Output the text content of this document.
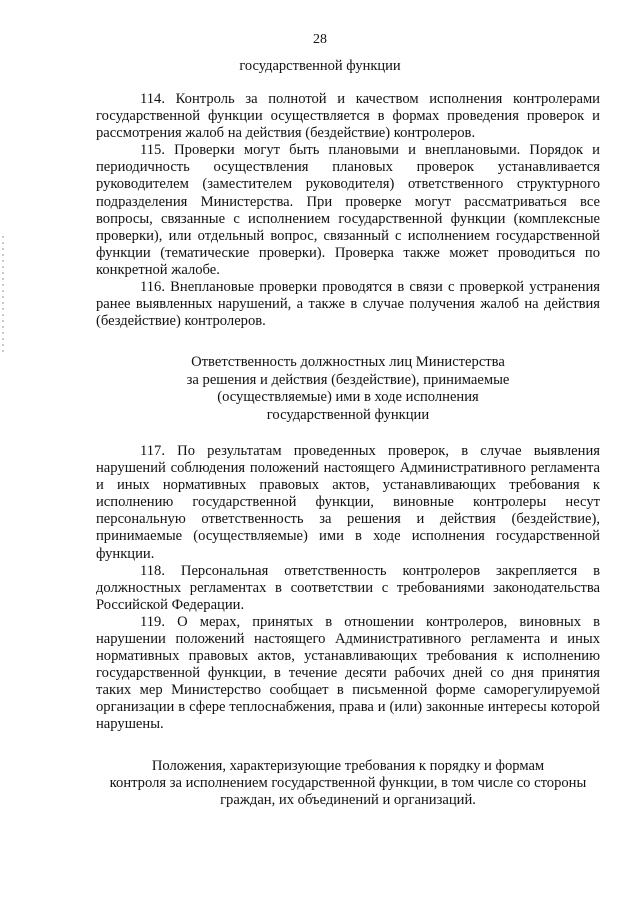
28
государственной функции

114. Контроль за полнотой и качеством исполнения контролерами государственной функции осуществляется в формах проведения проверок и рассмотрения жалоб на действия (бездействие) контролеров.

115. Проверки могут быть плановыми и внеплановыми. Порядок и периодичность осуществления плановых проверок устанавливается руководителем (заместителем руководителя) ответственного структурного подразделения Министерства. При проверке могут рассматриваться все вопросы, связанные с исполнением государственной функции (комплексные проверки), или отдельный вопрос, связанный с исполнением государственной функции (тематические проверки). Проверка также может проводиться по конкретной жалобе.

116. Внеплановые проверки проводятся в связи с проверкой устранения ранее выявленных нарушений, а также в случае получения жалоб на действия (бездействие) контролеров.

Ответственность должностных лиц Министерства
за решения и действия (бездействие), принимаемые
(осуществляемые) ими в ходе исполнения
государственной функции

117. По результатам проведенных проверок, в случае выявления нарушений соблюдения положений настоящего Административного регламента и иных нормативных правовых актов, устанавливающих требования к исполнению государственной функции, виновные контролеры несут персональную ответственность за решения и действия (бездействие), принимаемые (осуществляемые) ими в ходе исполнения государственной функции.

118. Персональная ответственность контролеров закрепляется в должностных регламентах в соответствии с требованиями законодательства Российской Федерации.

119. О мерах, принятых в отношении контролеров, виновных в нарушении положений настоящего Административного регламента и иных нормативных правовых актов, устанавливающих требования к исполнению государственной функции, в течение десяти рабочих дней со дня принятия таких мер Министерство сообщает в письменной форме саморегулируемой организации в сфере теплоснабжения, права и (или) законные интересы которой нарушены.

Положения, характеризующие требования к порядку и формам
контроля за исполнением государственной функции, в том числе со стороны
граждан, их объединений и организаций.
